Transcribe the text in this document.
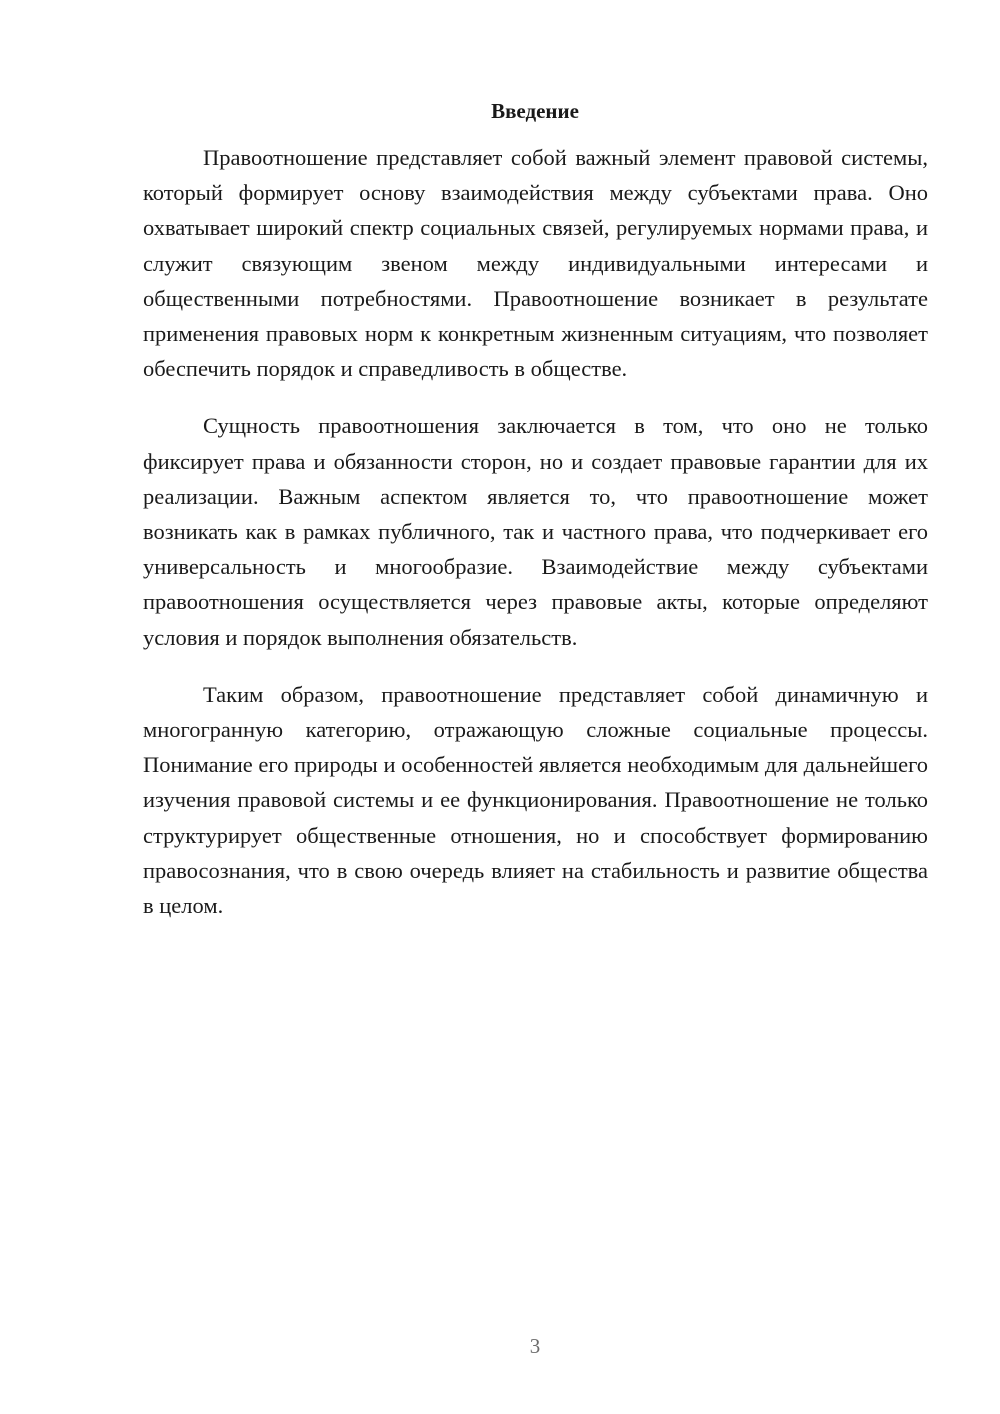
Введение

Правоотношение представляет собой важный элемент правовой системы, который формирует основу взаимодействия между субъектами права. Оно охватывает широкий спектр социальных связей, регулируемых нормами права, и служит связующим звеном между индивидуальными интересами и общественными потребностями. Правоотношение возникает в результате применения правовых норм к конкретным жизненным ситуациям, что позволяет обеспечить порядок и справедливость в обществе.

Сущность правоотношения заключается в том, что оно не только фиксирует права и обязанности сторон, но и создает правовые гарантии для их реализации. Важным аспектом является то, что правоотношение может возникать как в рамках публичного, так и частного права, что подчеркивает его универсальность и многообразие. Взаимодействие между субъектами правоотношения осуществляется через правовые акты, которые определяют условия и порядок выполнения обязательств.

Таким образом, правоотношение представляет собой динамичную и многогранную категорию, отражающую сложные социальные процессы. Понимание его природы и особенностей является необходимым для дальнейшего изучения правовой системы и ее функционирования. Правоотношение не только структурирует общественные отношения, но и способствует формированию правосознания, что в свою очередь влияет на стабильность и развитие общества в целом.

3
